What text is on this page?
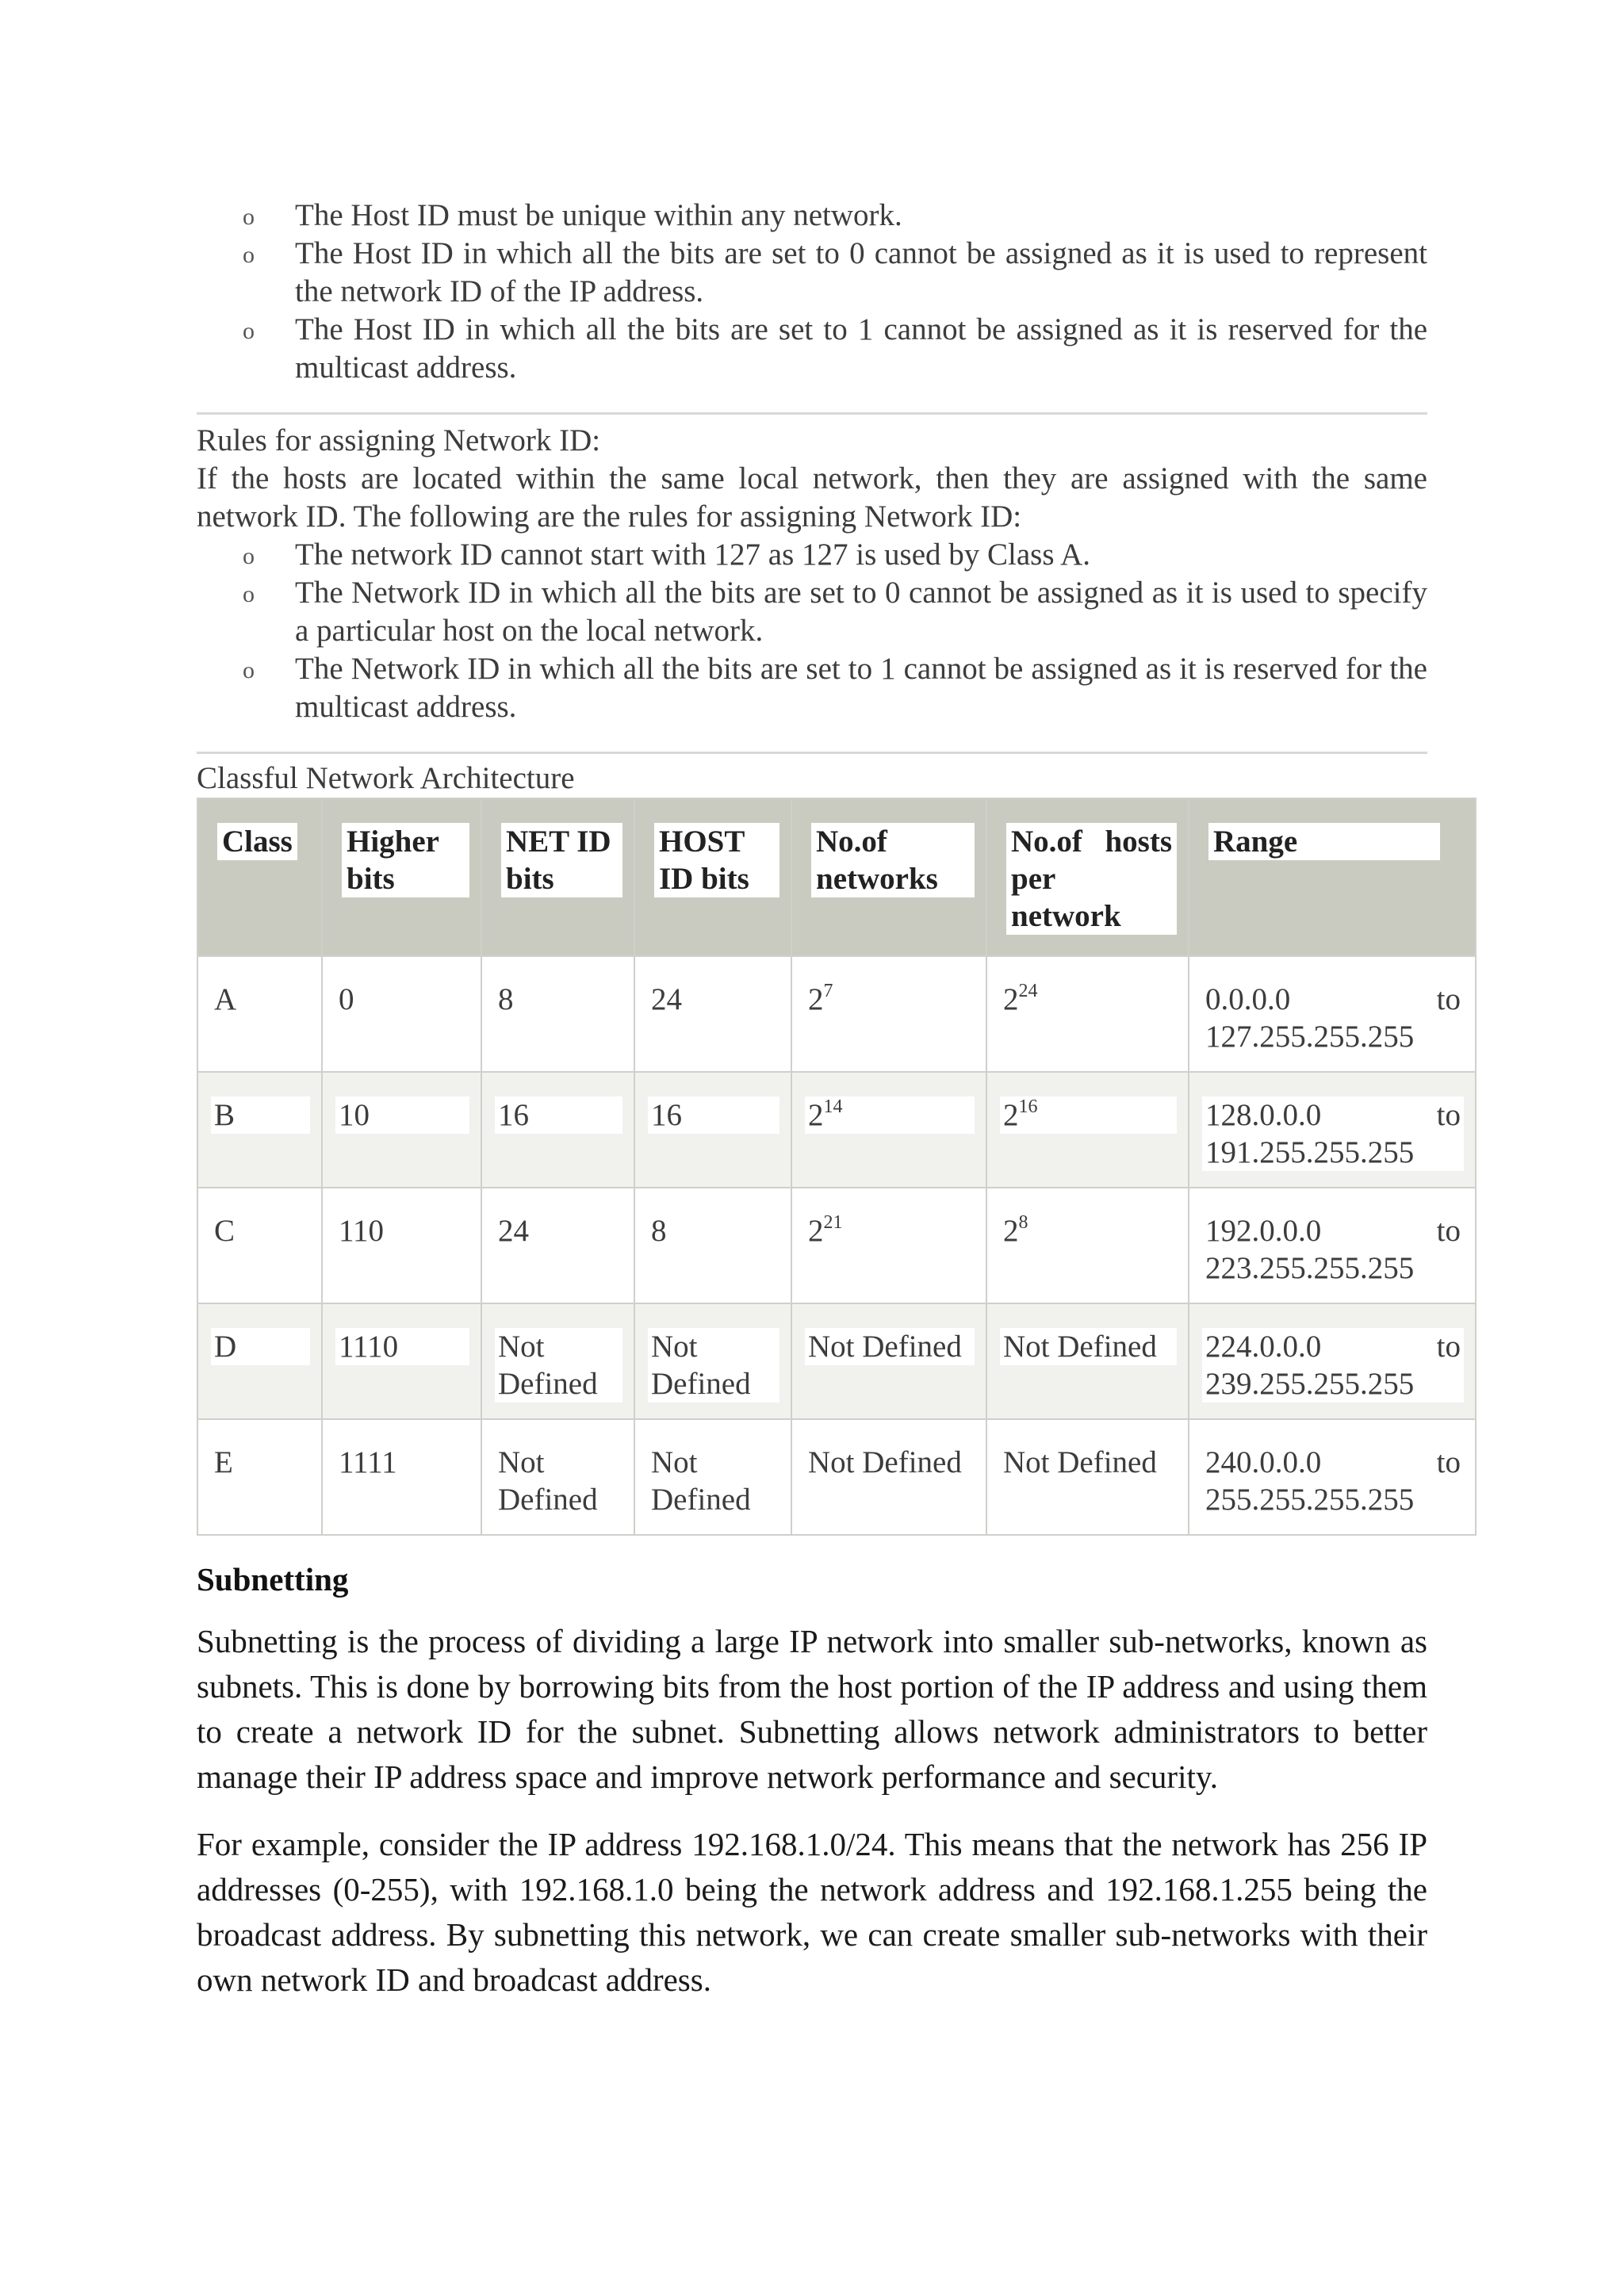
o The Host ID must be unique within any network.
o The Host ID in which all the bits are set to 0 cannot be assigned as it is used to represent the network ID of the IP address.
o The Host ID in which all the bits are set to 1 cannot be assigned as it is reserved for the multicast address.
Rules for assigning Network ID:
If the hosts are located within the same local network, then they are assigned with the same network ID. The following are the rules for assigning Network ID:
o The network ID cannot start with 127 as 127 is used by Class A.
o The Network ID in which all the bits are set to 0 cannot be assigned as it is used to specify a particular host on the local network.
o The Network ID in which all the bits are set to 1 cannot be assigned as it is reserved for the multicast address.
Classful Network Architecture
Class	Higher bits	NET ID bits	HOST ID bits	No.of networks	No.of hosts per network	Range

A	0	8	24	$2^7$	$2^{24}$	0.0.0.0 to
127.255.255.255

B	10	16	16	$2^{14}$	$2^{16}$	128.0.0.0 to
191.255.255.255

C	110	24	8	$2^{21}$	$2^8$	192.0.0.0 to
223.255.255.255

D	1110	Not Defined	Not Defined	Not Defined	Not Defined	224.0.0.0 to
239.255.255.255

E	1111	Not Defined	Not Defined	Not Defined	Not Defined	240.0.0.0 to
255.255.255.255
Subnetting
Subnetting is the process of dividing a large IP network into smaller sub-networks, known as subnets. This is done by borrowing bits from the host portion of the IP address and using them to create a network ID for the subnet. Subnetting allows network administrators to better manage their IP address space and improve network performance and security.
For example, consider the IP address 192.168.1.0/24. This means that the network has 256 IP addresses (0-255), with 192.168.1.0 being the network address and 192.168.1.255 being the broadcast address. By subnetting this network, we can create smaller sub-networks with their own network ID and broadcast address.
